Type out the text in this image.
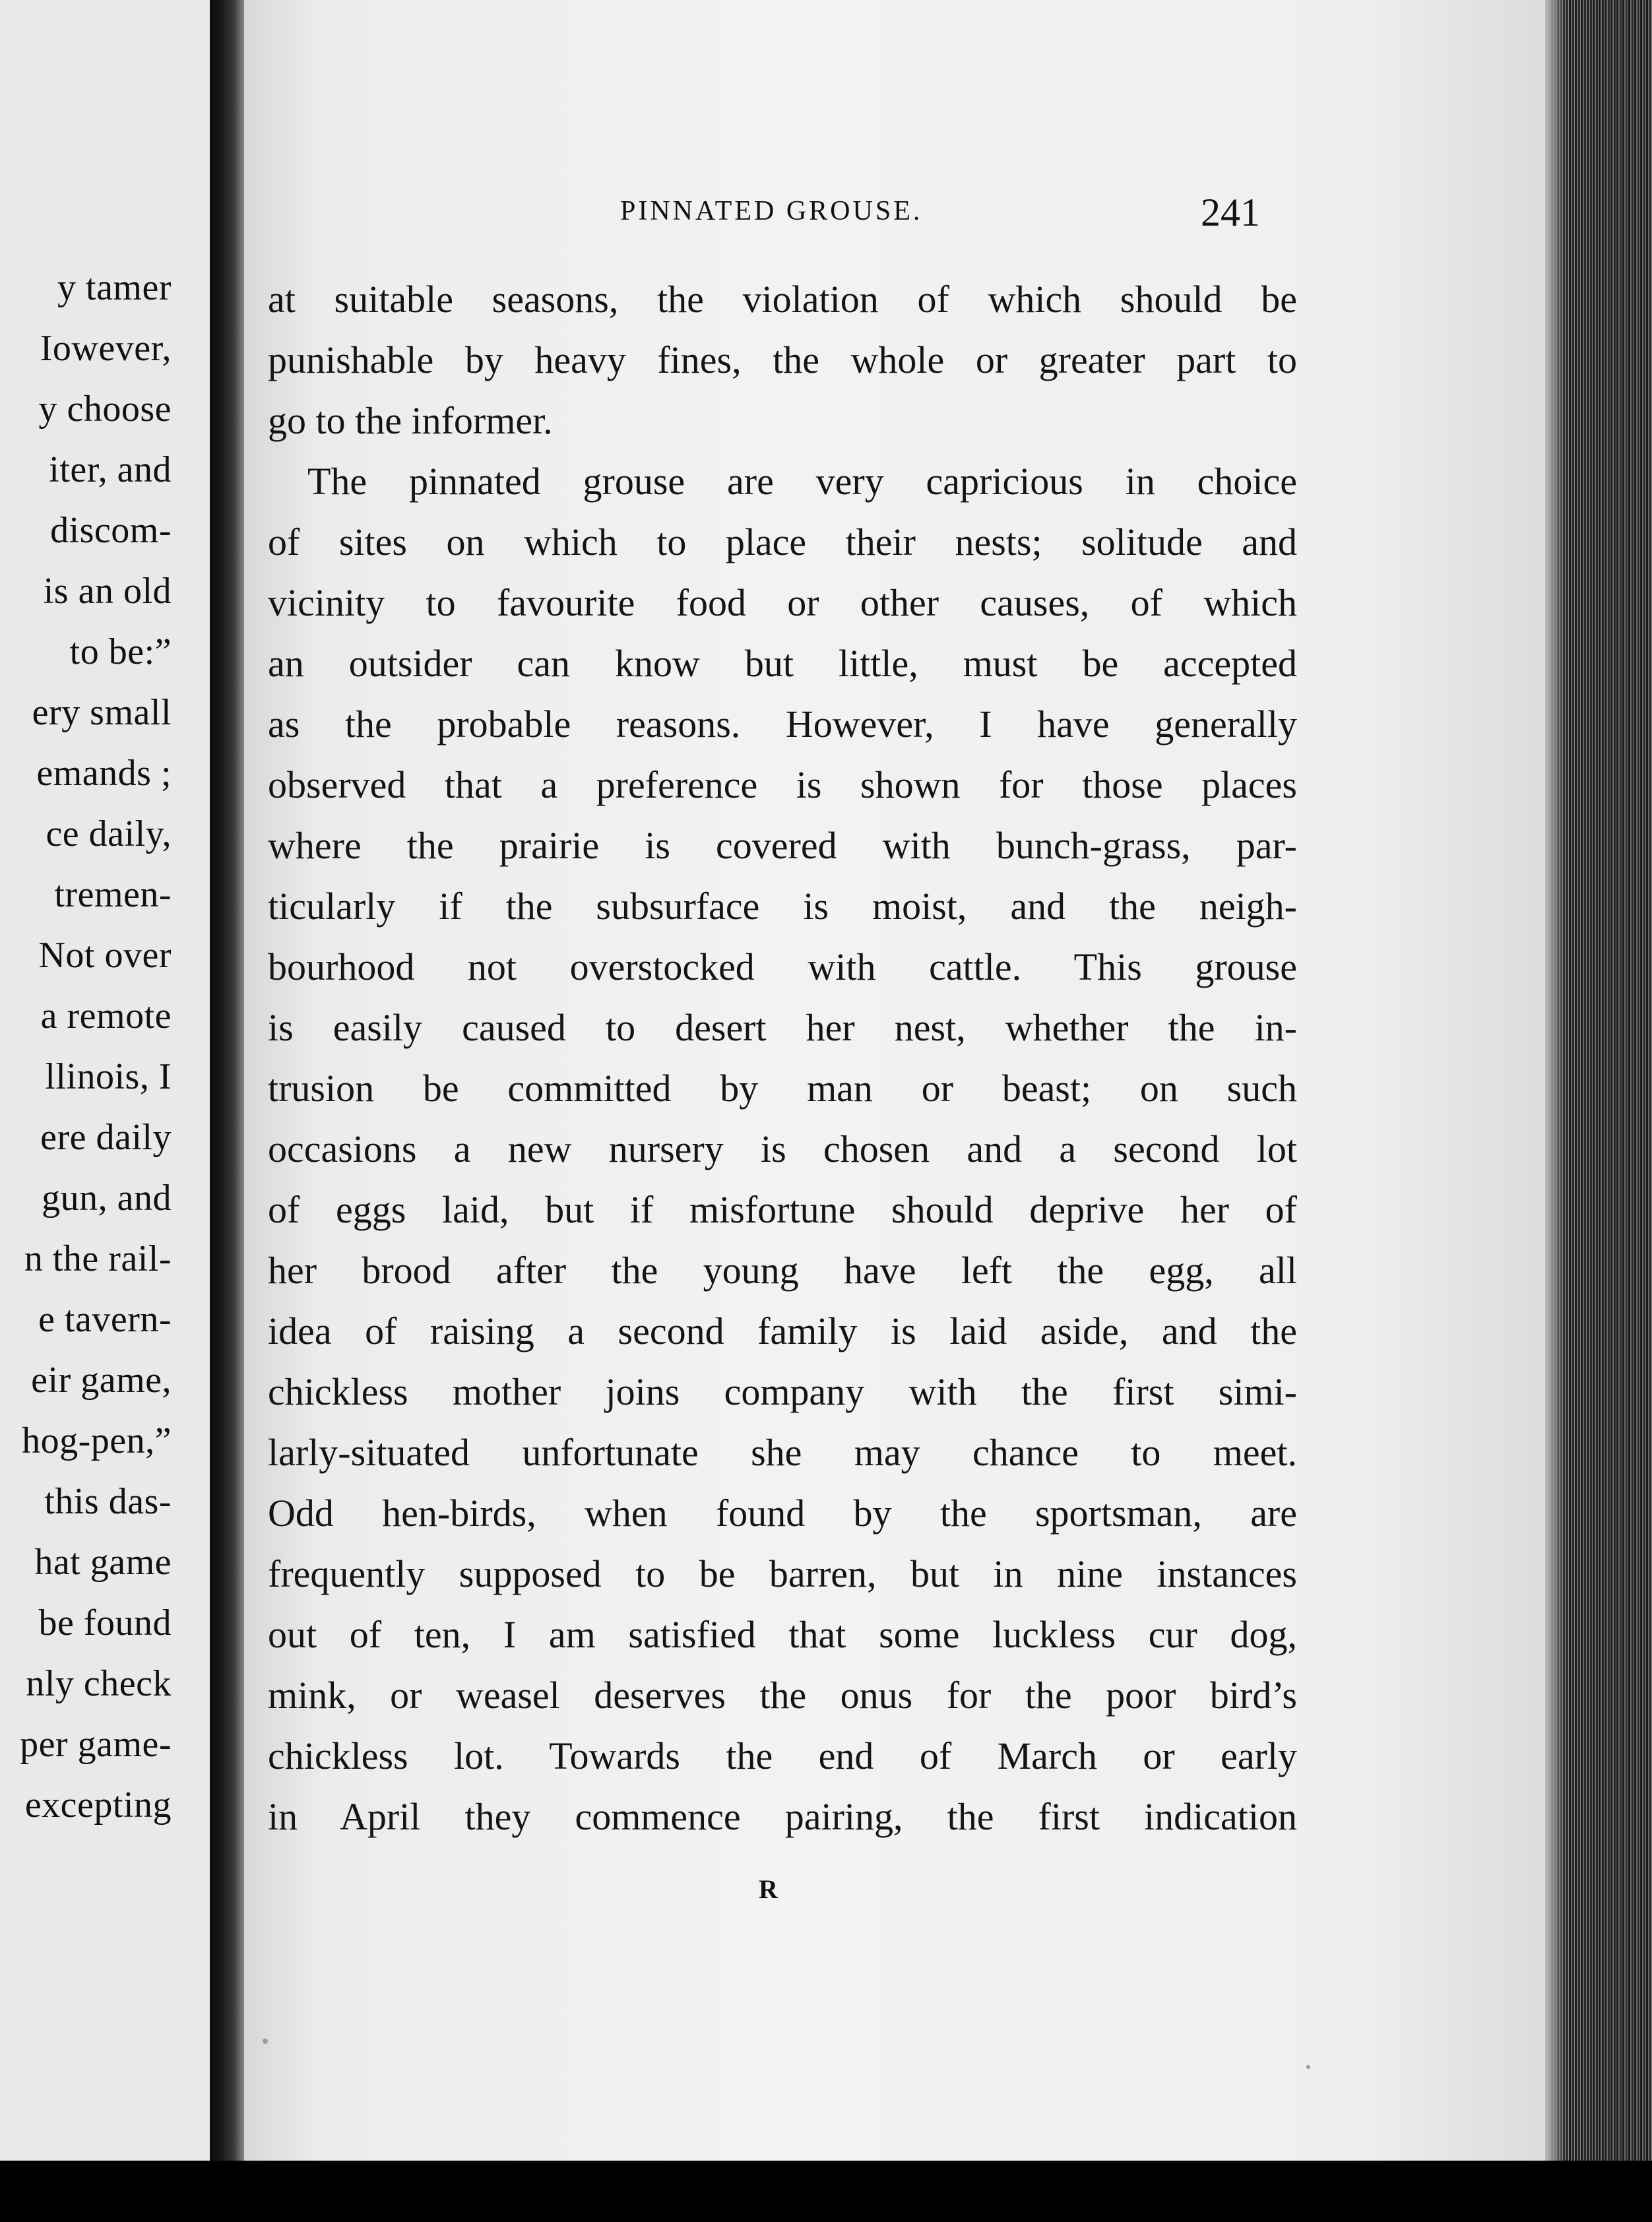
y tamer
Iowever,
y choose
iter, and
discom-
is an old
to be:”
ery small
emands ;
ce daily,
tremen-
Not over
a remote
llinois, I
ere daily
gun, and
n the rail-
e tavern-
eir game,
hog-pen,”
this das-
hat game
be found
nly check
per game-
excepting
PINNATED GROUSE.	241
at suitable seasons, the violation of which should be
punishable by heavy fines, the whole or greater part to
go to the informer.
The pinnated grouse are very capricious in choice
of sites on which to place their nests; solitude and
vicinity to favourite food or other causes, of which
an outsider can know but little, must be accepted
as the probable reasons. However, I have generally
observed that a preference is shown for those places
where the prairie is covered with bunch-grass, par-
ticularly if the subsurface is moist, and the neigh-
bourhood not overstocked with cattle. This grouse
is easily caused to desert her nest, whether the in-
trusion be committed by man or beast; on such
occasions a new nursery is chosen and a second lot
of eggs laid, but if misfortune should deprive her of
her brood after the young have left the egg, all
idea of raising a second family is laid aside, and the
chickless mother joins company with the first simi-
larly-situated unfortunate she may chance to meet.
Odd hen-birds, when found by the sportsman, are
frequently supposed to be barren, but in nine instances
out of ten, I am satisfied that some luckless cur dog,
mink, or weasel deserves the onus for the poor bird’s
chickless lot. Towards the end of March or early
in April they commence pairing, the first indication
R
